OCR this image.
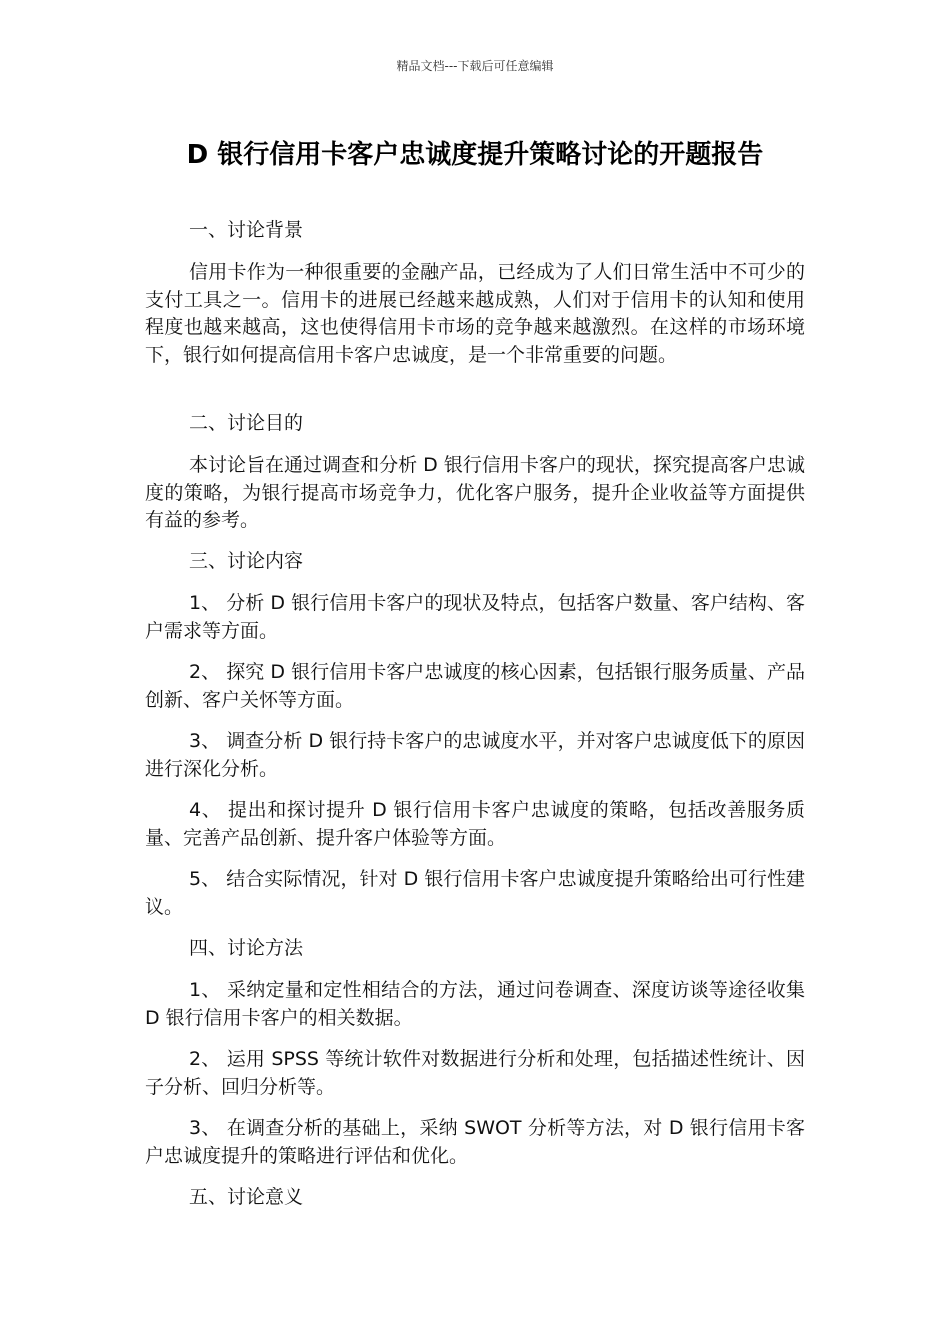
精品文档---下载后可任意编辑
D 银行信用卡客户忠诚度提升策略讨论的开题报告
一、讨论背景
信用卡作为一种很重要的金融产品，已经成为了人们日常生活中不可少的支付工具之一。信用卡的进展已经越来越成熟，人们对于信用卡的认知和使用程度也越来越高，这也使得信用卡市场的竞争越来越激烈。在这样的市场环境下，银行如何提高信用卡客户忠诚度，是一个非常重要的问题。
二、讨论目的
本讨论旨在通过调查和分析 D 银行信用卡客户的现状，探究提高客户忠诚度的策略，为银行提高市场竞争力，优化客户服务，提升企业收益等方面提供有益的参考。
三、讨论内容
1、 分析 D 银行信用卡客户的现状及特点，包括客户数量、客户结构、客户需求等方面。
2、 探究 D 银行信用卡客户忠诚度的核心因素，包括银行服务质量、产品创新、客户关怀等方面。
3、 调查分析 D 银行持卡客户的忠诚度水平，并对客户忠诚度低下的原因进行深化分析。
4、 提出和探讨提升 D 银行信用卡客户忠诚度的策略，包括改善服务质量、完善产品创新、提升客户体验等方面。
5、 结合实际情况，针对 D 银行信用卡客户忠诚度提升策略给出可行性建议。
四、讨论方法
1、 采纳定量和定性相结合的方法，通过问卷调查、深度访谈等途径收集 D 银行信用卡客户的相关数据。
2、 运用 SPSS 等统计软件对数据进行分析和处理，包括描述性统计、因子分析、回归分析等。
3、 在调查分析的基础上，采纳 SWOT 分析等方法，对 D 银行信用卡客户忠诚度提升的策略进行评估和优化。
五、讨论意义
